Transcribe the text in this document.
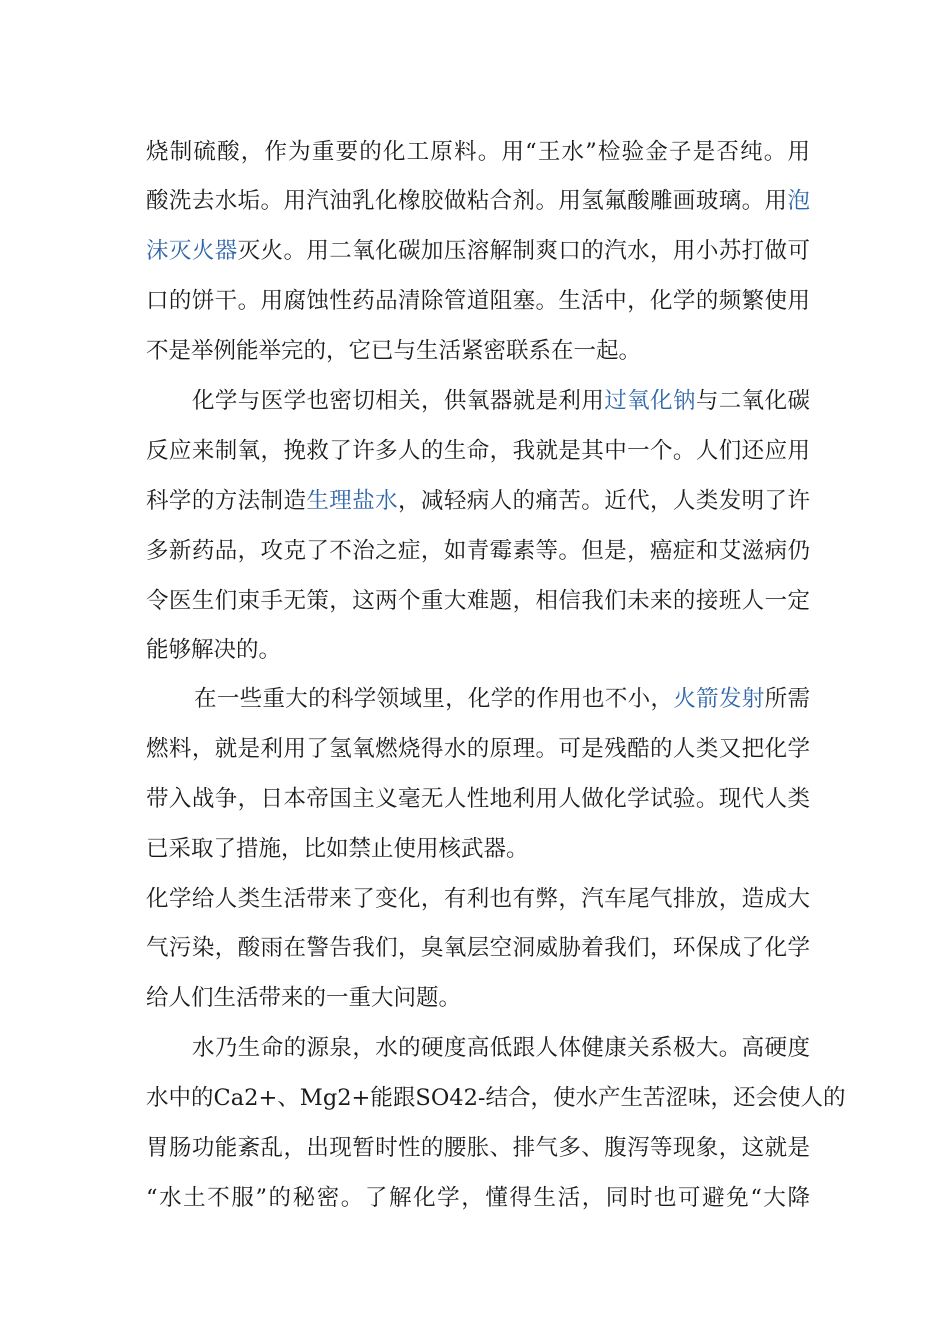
烧制硫酸，作为重要的化工原料。用“王水”检验金子是否纯。用
酸洗去水垢。用汽油乳化橡胶做粘合剂。用氢氟酸雕画玻璃。用泡
沫灭火器灭火。用二氧化碳加压溶解制爽口的汽水，用小苏打做可
口的饼干。用腐蚀性药品清除管道阻塞。生活中，化学的频繁使用
不是举例能举完的，它已与生活紧密联系在一起。
化学与医学也密切相关，供氧器就是利用过氧化钠与二氧化碳
反应来制氧，挽救了许多人的生命，我就是其中一个。人们还应用
科学的方法制造生理盐水，减轻病人的痛苦。近代，人类发明了许
多新药品，攻克了不治之症，如青霉素等。但是，癌症和艾滋病仍
令医生们束手无策，这两个重大难题，相信我们未来的接班人一定
能够解决的。
在一些重大的科学领域里，化学的作用也不小，火箭发射所需
燃料，就是利用了氢氧燃烧得水的原理。可是残酷的人类又把化学
带入战争，日本帝国主义毫无人性地利用人做化学试验。现代人类
已采取了措施，比如禁止使用核武器。
化学给人类生活带来了变化，有利也有弊，汽车尾气排放，造成大
气污染，酸雨在警告我们，臭氧层空洞威胁着我们，环保成了化学
给人们生活带来的一重大问题。
水乃生命的源泉，水的硬度高低跟人体健康关系极大。高硬度
水中的Ca2+、Mg2+能跟SO42-结合，使水产生苦涩味，还会使人的
胃肠功能紊乱，出现暂时性的腰胀、排气多、腹泻等现象，这就是
“水土不服”的秘密。了解化学，懂得生活，同时也可避免“大降
